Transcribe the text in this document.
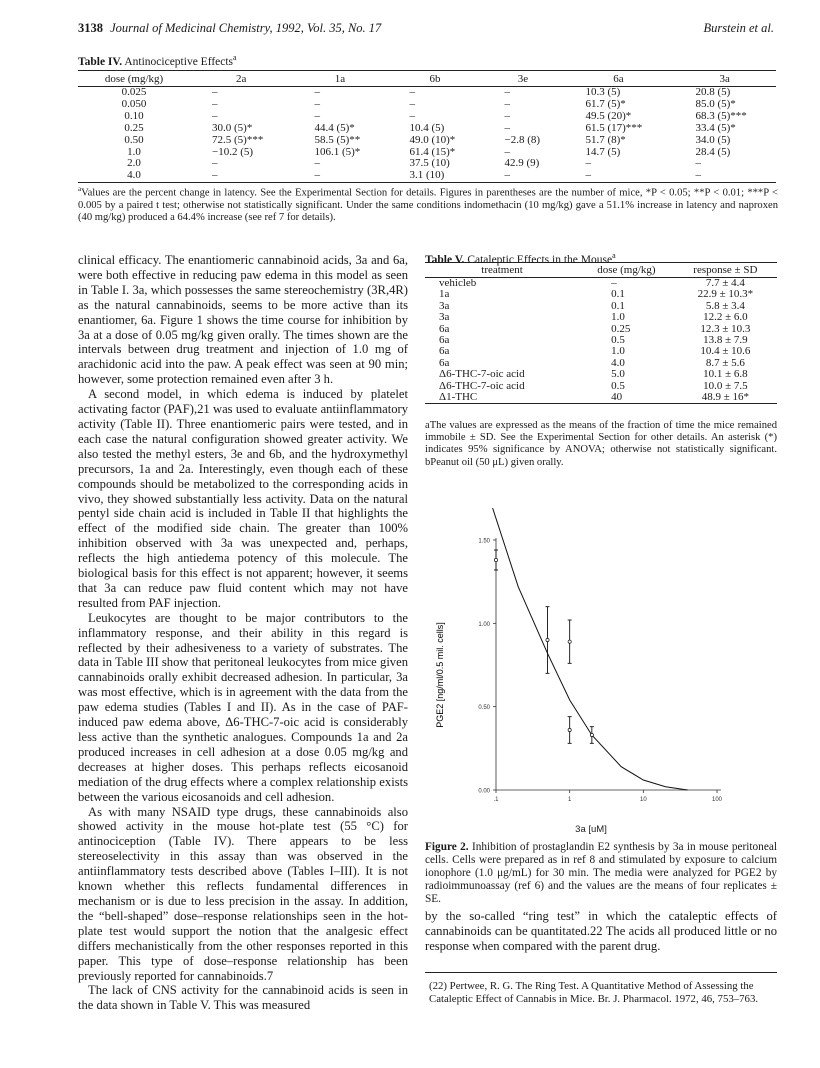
3138 Journal of Medicinal Chemistry, 1992, Vol. 35, No. 17	Burstein et al.
Table IV. Antinociceptive Effects$^a$
dose (mg/kg)	2a	1a	6b	3e	6a	3a
0.025	–	–	–	–	10.3 (5)	20.8 (5)
0.050	–	–	–	–	61.7 (5)*	85.0 (5)*
0.10	–	–	–	–	49.5 (20)*	68.3 (5)***
0.25	30.0 (5)*	44.4 (5)*	10.4 (5)	–	61.5 (17)***	33.4 (5)*
0.50	72.5 (5)***	58.5 (5)**	49.0 (10)*	−2.8 (8)	51.7 (8)*	34.0 (5)
1.0	−10.2 (5)	106.1 (5)*	61.4 (15)*	–	14.7 (5)	28.4 (5)
2.0	–	–	37.5 (10)	42.9 (9)	–	–
4.0	–	–	3.1 (10)	–	–	–
$^a$Values are the percent change in latency. See the Experimental Section for details. Figures in parentheses are the number of mice, *P < 0.05; **P < 0.01; ***P < 0.005 by a paired t test; otherwise not statistically significant. Under the same conditions indomethacin (10 mg/kg) gave a 51.1% increase in latency and naproxen (40 mg/kg) produced a 64.4% increase (see ref 7 for details).

clinical efficacy. The enantiomeric cannabinoid acids, 3a and 6a, were both effective in reducing paw edema in this model as seen in Table I. 3a, which possesses the same stereochemistry (3R,4R) as the natural cannabinoids, seems to be more active than its enantiomer, 6a. Figure 1 shows the time course for inhibition by 3a at a dose of 0.05 mg/kg given orally. The times shown are the intervals between drug treatment and injection of 1.0 mg of arachidonic acid into the paw. A peak effect was seen at 90 min; however, some protection remained even after 3 h.

A second model, in which edema is induced by platelet activating factor (PAF),21 was used to evaluate antiinflammatory activity (Table II). Three enantiomeric pairs were tested, and in each case the natural configuration showed greater activity. We also tested the methyl esters, 3e and 6b, and the hydroxymethyl precursors, 1a and 2a. Interestingly, even though each of these compounds should be metabolized to the corresponding acids in vivo, they showed substantially less activity. Data on the natural pentyl side chain acid is included in Table II that highlights the effect of the modified side chain. The greater than 100% inhibition observed with 3a was unexpected and, perhaps, reflects the high antiedema potency of this molecule. The biological basis for this effect is not apparent; however, it seems that 3a can reduce paw fluid content which may not have resulted from PAF injection.

Leukocytes are thought to be major contributors to the inflammatory response, and their ability in this regard is reflected by their adhesiveness to a variety of substrates. The data in Table III show that peritoneal leukocytes from mice given cannabinoids orally exhibit decreased adhesion. In particular, 3a was most effective, which is in agreement with the data from the paw edema studies (Tables I and II). As in the case of PAF-induced paw edema above, Δ6-THC-7-oic acid is considerably less active than the synthetic analogues. Compounds 1a and 2a produced increases in cell adhesion at a dose 0.05 mg/kg and decreases at higher doses. This perhaps reflects eicosanoid mediation of the drug effects where a complex relationship exists between the various eicosanoids and cell adhesion.

As with many NSAID type drugs, these cannabinoids also showed activity in the mouse hot-plate test (55 °C) for antinociception (Table IV). There appears to be less stereoselectivity in this assay than was observed in the antiinflammatory tests described above (Tables I–III). It is not known whether this reflects fundamental differences in mechanism or is due to less precision in the assay. In addition, the “bell-shaped” dose–response relationships seen in the hot-plate test would support the notion that the analgesic effect differs mechanistically from the other responses reported in this paper. This type of dose–response relationship has been previously reported for cannabinoids.7

The lack of CNS activity for the cannabinoid acids is seen in the data shown in Table V. This was measured

Table V. Cataleptic Effects in the Mouse$^a$
treatment	dose (mg/kg)	response ± SD
vehicleb	–	7.7 ± 4.4
1a	0.1	22.9 ± 10.3*
3a	0.1	5.8 ± 3.4
3a	1.0	12.2 ± 6.0
6a	0.25	12.3 ± 10.3
6a	0.5	13.8 ± 7.9
6a	1.0	10.4 ± 10.6
6a	4.0	8.7 ± 5.6
Δ6-THC-7-oic acid	5.0	10.1 ± 6.8
Δ6-THC-7-oic acid	0.5	10.0 ± 7.5
Δ1-THC	40	48.9 ± 16*
aThe values are expressed as the means of the fraction of time the mice remained immobile ± SD. See the Experimental Section for other details. An asterisk (*) indicates 95% significance by ANOVA; otherwise not statistically significant. bPeanut oil (50 μL) given orally.
0.00
0.50
1.00
1.50
.1	1	10	100
PGE2 [ng/ml/0.5 mil. cells]
3a [uM]
Figure 2. Inhibition of prostaglandin E2 synthesis by 3a in mouse peritoneal cells. Cells were prepared as in ref 8 and stimulated by exposure to calcium ionophore (1.0 μg/mL) for 30 min. The media were analyzed for PGE2 by radioimmunoassay (ref 6) and the values are the means of four replicates ± SE.
by the so-called “ring test” in which the cataleptic effects of cannabinoids can be quantitated.22 The acids all produced little or no response when compared with the parent drug.
(22) Pertwee, R. G. The Ring Test. A Quantitative Method of Assessing the Cataleptic Effect of Cannabis in Mice. Br. J. Pharmacol. 1972, 46, 753–763.
